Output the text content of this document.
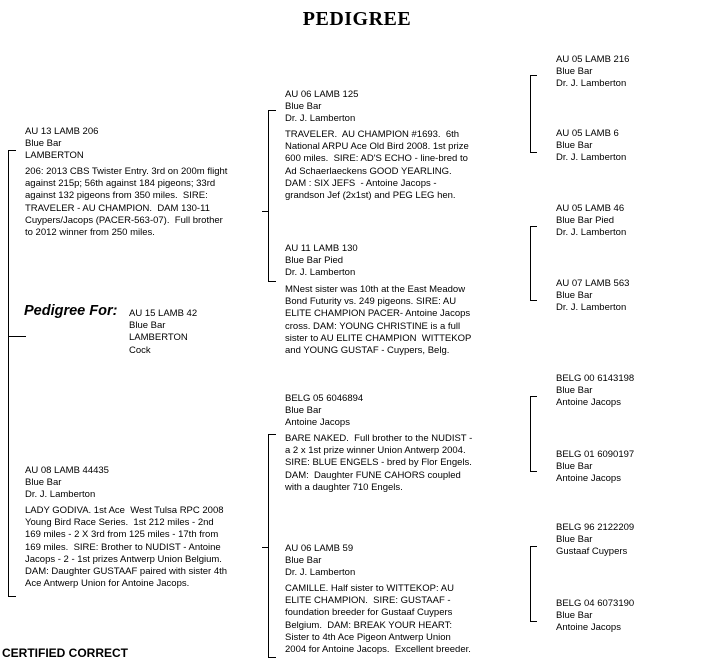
PEDIGREE
Pedigree For: AU 15 LAMB 42
Blue Bar
LAMBERTON
Cock
AU 13 LAMB 206
Blue Bar
LAMBERTON
206: 2013 CBS Twister Entry. 3rd on 200m flight
against 215p; 56th against 184 pigeons; 33rd
against 132 pigeons from 350 miles.  SIRE:
TRAVELER - AU CHAMPION.  DAM 130-11
Cuypers/Jacops (PACER-563-07).  Full brother
to 2012 winner from 250 miles.
AU 08 LAMB 44435
Blue Bar
Dr. J. Lamberton
LADY GODIVA. 1st Ace  West Tulsa RPC 2008
Young Bird Race Series.  1st 212 miles - 2nd
169 miles - 2 X 3rd from 125 miles - 17th from
169 miles.  SIRE: Brother to NUDIST - Antoine
Jacops - 2 - 1st prizes Antwerp Union Belgium.
DAM: Daughter GUSTAAF paired with sister 4th
Ace Antwerp Union for Antoine Jacops.
AU 06 LAMB 125
Blue Bar
Dr. J. Lamberton
TRAVELER.  AU CHAMPION #1693.  6th
National ARPU Ace Old Bird 2008. 1st prize
600 miles.  SIRE: AD'S ECHO - line-bred to
Ad Schaerlaeckens GOOD YEARLING.
DAM : SIX JEFS  - Antoine Jacops -
grandson Jef (2x1st) and PEG LEG hen.
AU 11 LAMB 130
Blue Bar Pied
Dr. J. Lamberton
MNest sister was 10th at the East Meadow
Bond Futurity vs. 249 pigeons. SIRE: AU
ELITE CHAMPION PACER- Antoine Jacops
cross. DAM: YOUNG CHRISTINE is a full
sister to AU ELITE CHAMPION  WITTEKOP
and YOUNG GUSTAF - Cuypers, Belg.
BELG 05 6046894
Blue Bar
Antoine Jacops
BARE NAKED.  Full brother to the NUDIST -
a 2 x 1st prize winner Union Antwerp 2004.
SIRE: BLUE ENGELS - bred by Flor Engels.
DAM:  Daughter FUNE CAHORS coupled
with a daughter 710 Engels.
AU 06 LAMB 59
Blue Bar
Dr. J. Lamberton
CAMILLE. Half sister to WITTEKOP: AU
ELITE CHAMPION.  SIRE: GUSTAAF -
foundation breeder for Gustaaf Cuypers
Belgium.  DAM: BREAK YOUR HEART:
Sister to 4th Ace Pigeon Antwerp Union
2004 for Antoine Jacops.  Excellent breeder.
AU 05 LAMB 216
Blue Bar
Dr. J. Lamberton
AU 05 LAMB 6
Blue Bar
Dr. J. Lamberton
AU 05 LAMB 46
Blue Bar Pied
Dr. J. Lamberton
AU 07 LAMB 563
Blue Bar
Dr. J. Lamberton
BELG 00 6143198
Blue Bar
Antoine Jacops
BELG 01 6090197
Blue Bar
Antoine Jacops
BELG 96 2122209
Blue Bar
Gustaaf Cuypers
BELG 04 6073190
Blue Bar
Antoine Jacops
CERTIFIED CORRECT
